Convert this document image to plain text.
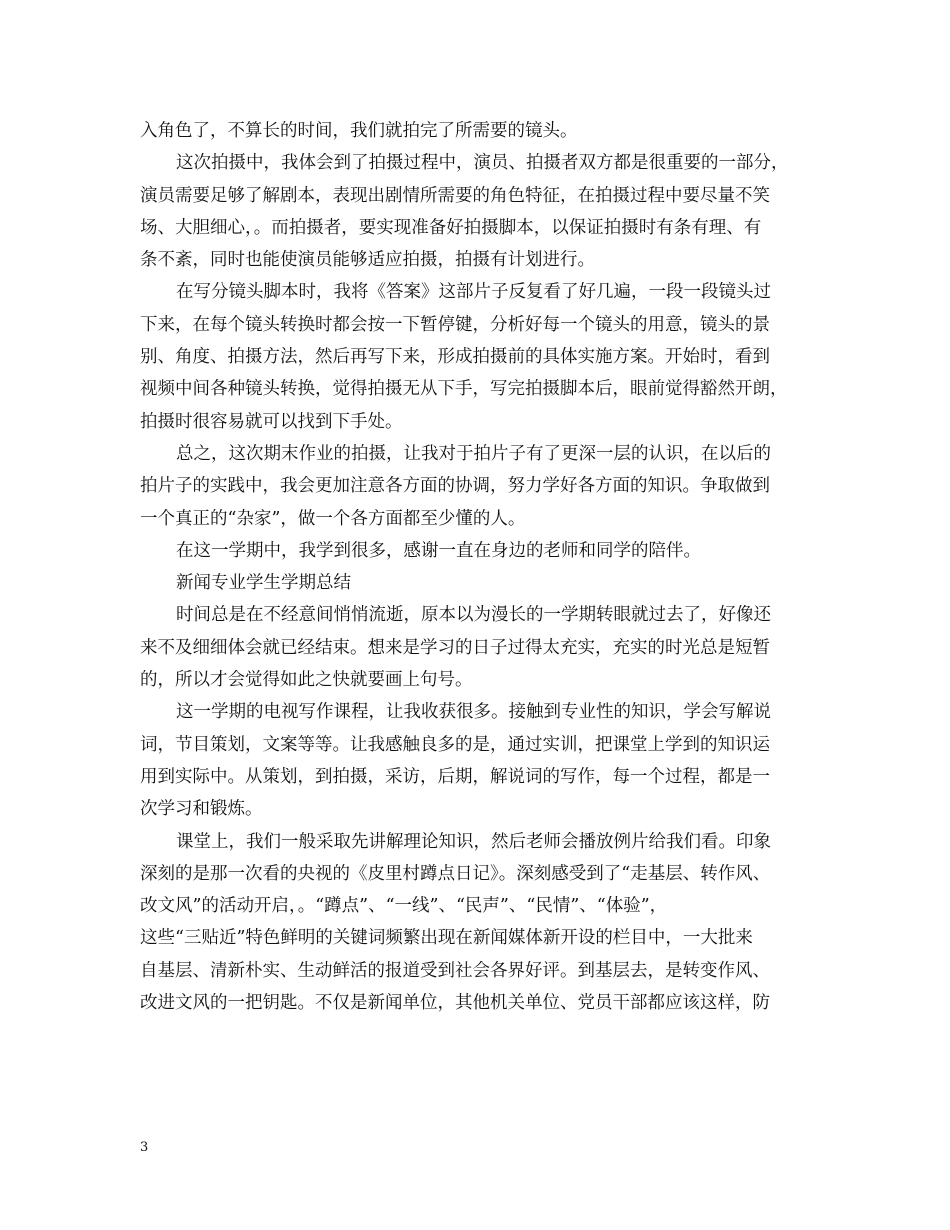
入角色了，不算长的时间，我们就拍完了所需要的镜头。
这次拍摄中，我体会到了拍摄过程中，演员、拍摄者双方都是很重要的一部分，
演员需要足够了解剧本，表现出剧情所需要的角色特征，在拍摄过程中要尽量不笑
场、大胆细心，。而拍摄者，要实现准备好拍摄脚本，以保证拍摄时有条有理、有
条不紊，同时也能使演员能够适应拍摄，拍摄有计划进行。
在写分镜头脚本时，我将《答案》这部片子反复看了好几遍，一段一段镜头过
下来，在每个镜头转换时都会按一下暂停键，分析好每一个镜头的用意，镜头的景
别、角度、拍摄方法，然后再写下来，形成拍摄前的具体实施方案。开始时，看到
视频中间各种镜头转换，觉得拍摄无从下手，写完拍摄脚本后，眼前觉得豁然开朗，
拍摄时很容易就可以找到下手处。
总之，这次期末作业的拍摄，让我对于拍片子有了更深一层的认识，在以后的
拍片子的实践中，我会更加注意各方面的协调，努力学好各方面的知识。争取做到
一个真正的“杂家”，做一个各方面都至少懂的人。
在这一学期中，我学到很多，感谢一直在身边的老师和同学的陪伴。
新闻专业学生学期总结
时间总是在不经意间悄悄流逝，原本以为漫长的一学期转眼就过去了，好像还
来不及细细体会就已经结束。想来是学习的日子过得太充实，充实的时光总是短暂
的，所以才会觉得如此之快就要画上句号。
这一学期的电视写作课程，让我收获很多。接触到专业性的知识，学会写解说
词，节目策划，文案等等。让我感触良多的是，通过实训，把课堂上学到的知识运
用到实际中。从策划，到拍摄，采访，后期，解说词的写作，每一个过程，都是一
次学习和锻炼。
课堂上，我们一般采取先讲解理论知识，然后老师会播放例片给我们看。印象
深刻的是那一次看的央视的《皮里村蹲点日记》。深刻感受到了“走基层、转作风、
改文风”的活动开启，。“蹲点”、“一线”、“民声”、“民情”、“体验”，
这些“三贴近”特色鲜明的关键词频繁出现在新闻媒体新开设的栏目中，一大批来
自基层、清新朴实、生动鲜活的报道受到社会各界好评。到基层去，是转变作风、
改进文风的一把钥匙。不仅是新闻单位，其他机关单位、党员干部都应该这样，防
3
